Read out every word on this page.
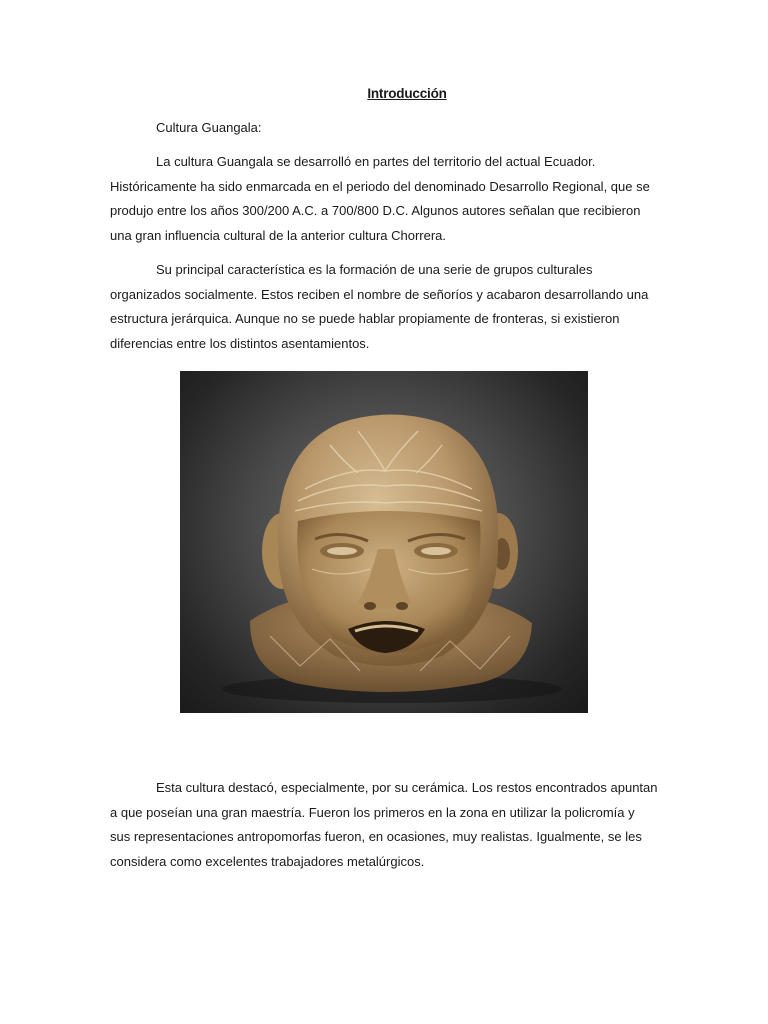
Introducción
Cultura Guangala:

La cultura Guangala se desarrolló en partes del territorio del actual Ecuador. Históricamente ha sido enmarcada en el periodo del denominado Desarrollo Regional, que se produjo entre los años 300/200 A.C. a 700/800 D.C. Algunos autores señalan que recibieron una gran influencia cultural de la anterior cultura Chorrera.

Su principal característica es la formación de una serie de grupos culturales organizados socialmente. Estos reciben el nombre de señoríos y acabaron desarrollando una estructura jerárquica. Aunque no se puede hablar propiamente de fronteras, si existieron diferencias entre los distintos asentamientos.

Esta cultura destacó, especialmente, por su cerámica. Los restos encontrados apuntan a que poseían una gran maestría. Fueron los primeros en la zona en utilizar la policromía y sus representaciones antropomorfas fueron, en ocasiones, muy realistas. Igualmente, se les considera como excelentes trabajadores metalúrgicos.
